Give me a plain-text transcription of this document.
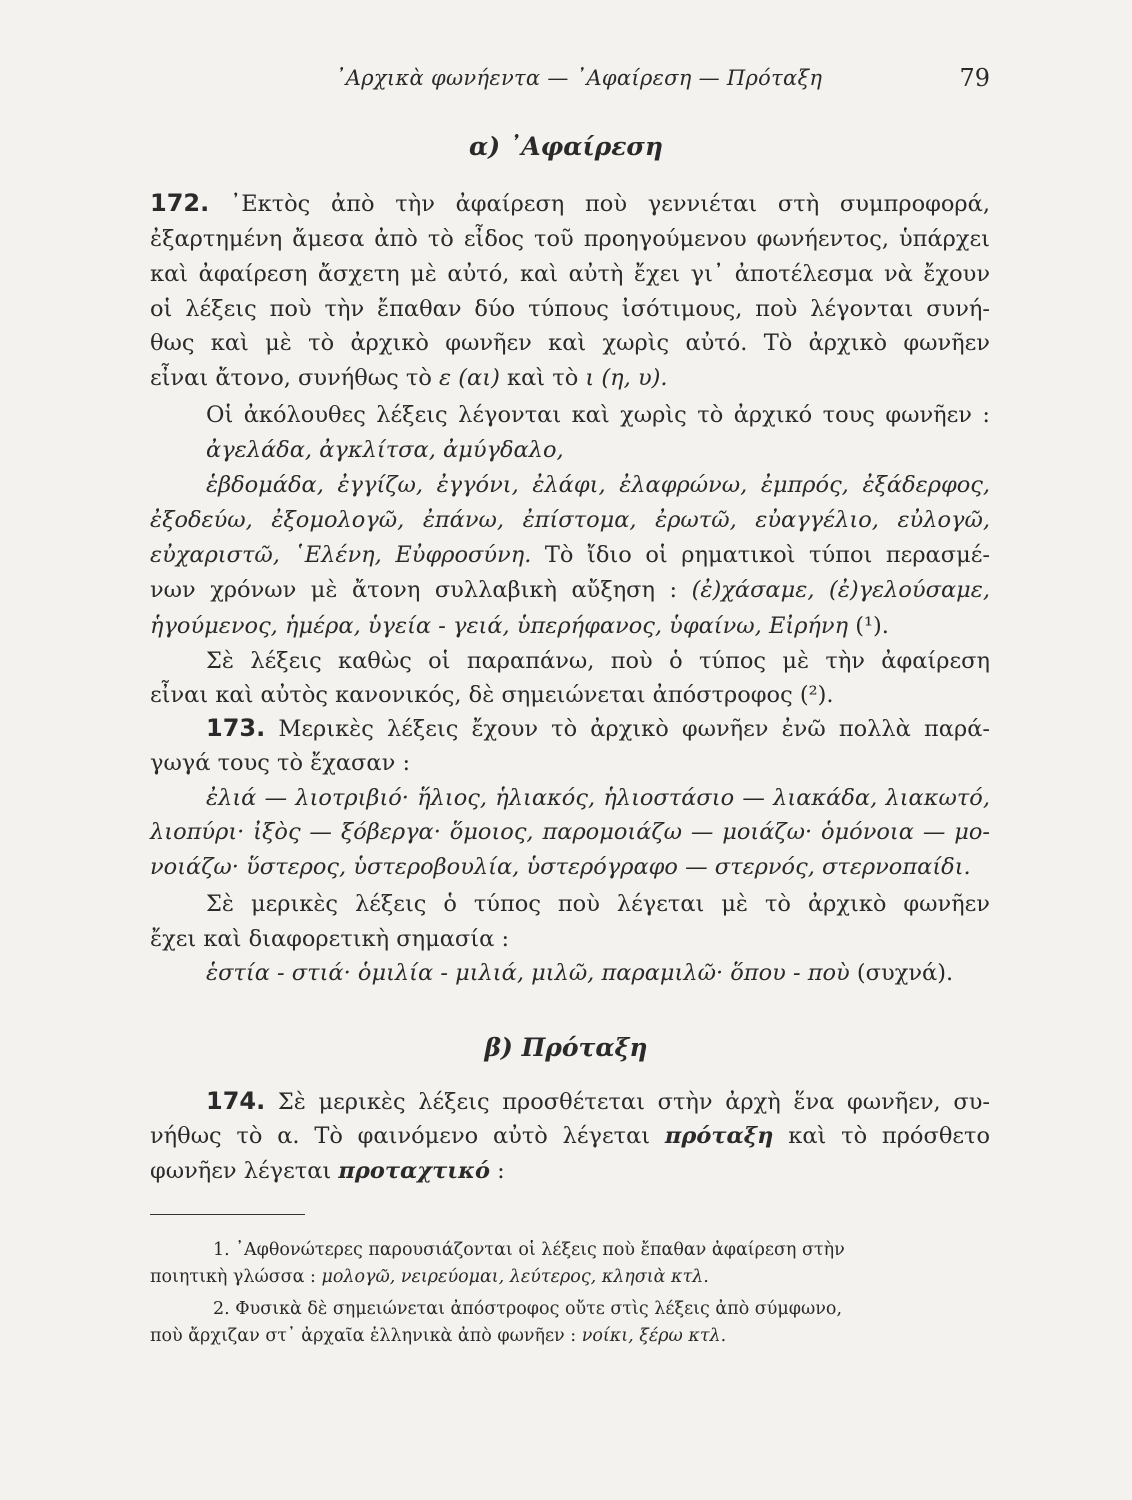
᾿Αρχικὰ φωνήεντα — ᾿Αφαίρεση — Πρόταξη	79
α) ᾿Αφαίρεση
172. ᾿Εκτὸς ἀπὸ τὴν ἀφαίρεση ποὺ γεννιέται στὴ συμπροφορά,
ἐξαρτημένη ἄμεσα ἀπὸ τὸ εἶδος τοῦ προηγούμενου φωνήεντος, ὑπάρχει
καὶ ἀφαίρεση ἄσχετη μὲ αὐτό, καὶ αὐτὴ ἔχει γι᾿ ἀποτέλεσμα νὰ ἔχουν
οἱ λέξεις ποὺ τὴν ἔπαθαν δύο τύπους ἰσότιμους, ποὺ λέγονται συνή-
θως καὶ μὲ τὸ ἀρχικὸ φωνῆεν καὶ χωρὶς αὐτό. Τὸ ἀρχικὸ φωνῆεν
εἶναι ἄτονο, συνήθως τὸ ε (αι) καὶ τὸ ι (η, υ).
Οἱ ἀκόλουθες λέξεις λέγονται καὶ χωρὶς τὸ ἀρχικό τους φωνῆεν :
ἀγελάδα, ἀγκλίτσα, ἀμύγδαλο,
ἑβδομάδα, ἐγγίζω, ἐγγόνι, ἐλάφι, ἐλαφρώνω, ἐμπρός, ἐξάδερφος,
ἐξοδεύω, ἐξομολογῶ, ἐπάνω, ἐπίστομα, ἐρωτῶ, εὐαγγέλιο, εὐλογῶ,
εὐχαριστῶ, ῾Ελένη, Εὐφροσύνη. Τὸ ἴδιο οἱ ρηματικοὶ τύποι περασμέ-
νων χρόνων μὲ ἄτονη συλλαβικὴ αὔξηση : (ἐ)χάσαμε, (ἐ)γελούσαμε,
ἡγούμενος, ἡμέρα, ὑγεία - γειά, ὑπερήφανος, ὑφαίνω, Εἰρήνη (¹).
Σὲ λέξεις καθὼς οἱ παραπάνω, ποὺ ὁ τύπος μὲ τὴν ἀφαίρεση
εἶναι καὶ αὐτὸς κανονικός, δὲ σημειώνεται ἀπόστροφος (²).
173. Μερικὲς λέξεις ἔχουν τὸ ἀρχικὸ φωνῆεν ἐνῶ πολλὰ παρά-
γωγά τους τὸ ἔχασαν :
ἐλιά — λιοτριβιό· ἥλιος, ἡλιακός, ἡλιοστάσιο — λιακάδα, λιακωτό,
λιοπύρι· ἰξὸς — ξόβεργα· ὅμοιος, παρομοιάζω — μοιάζω· ὁμόνοια — μο-
νοιάζω· ὕστερος, ὑστεροβουλία, ὑστερόγραφο — στερνός, στερνοπαίδι.
Σὲ μερικὲς λέξεις ὁ τύπος ποὺ λέγεται μὲ τὸ ἀρχικὸ φωνῆεν
ἔχει καὶ διαφορετικὴ σημασία :
ἑστία - στιά· ὁμιλία - μιλιά, μιλῶ, παραμιλῶ· ὅπου - ποὺ (συχνά).
β) Πρόταξη
174. Σὲ μερικὲς λέξεις προσθέτεται στὴν ἀρχὴ ἕνα φωνῆεν, συ-
νήθως τὸ α. Τὸ φαινόμενο αὐτὸ λέγεται πρόταξη καὶ τὸ πρόσθετο
φωνῆεν λέγεται προταχτικό :
1. ᾿Αφθονώτερες παρουσιάζονται οἱ λέξεις ποὺ ἔπαθαν ἀφαίρεση στὴν
ποιητικὴ γλώσσα : μολογῶ, νειρεύομαι, λεύτερος, κλησιὰ κτλ.
2. Φυσικὰ δὲ σημειώνεται ἀπόστροφος οὔτε στὶς λέξεις ἀπὸ σύμφωνο,
ποὺ ἄρχιζαν στ᾿ ἀρχαῖα ἑλληνικὰ ἀπὸ φωνῆεν : νοίκι, ξέρω κτλ.
